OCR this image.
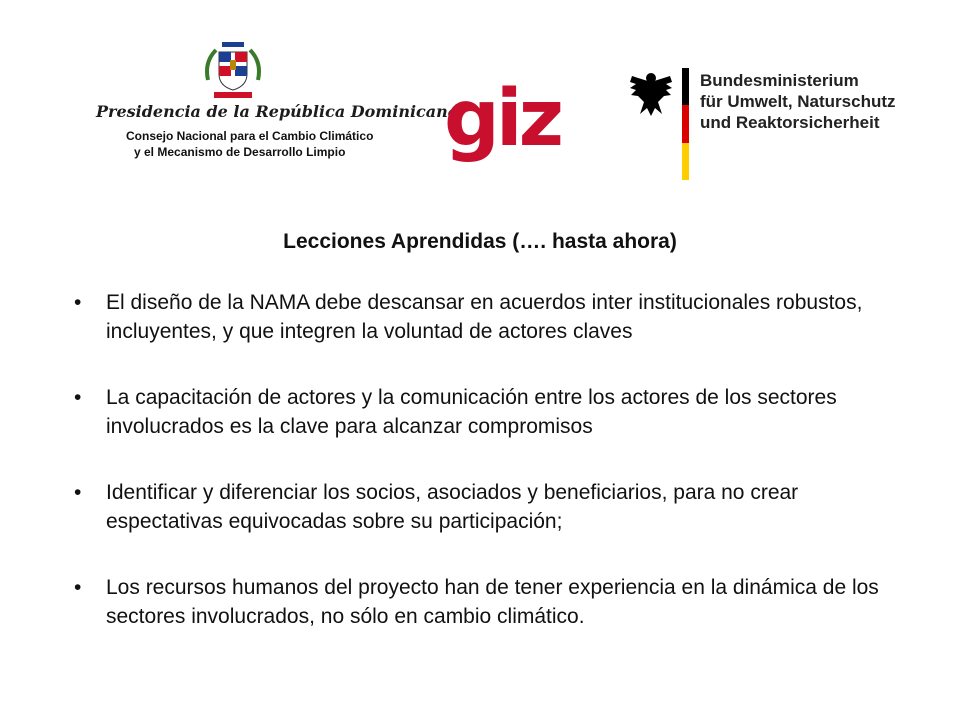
Presidencia de la República Dominicana
Consejo Nacional para el Cambio Climático
y el Mecanismo de Desarrollo Limpio giz	Bundesministerium
für Umwelt, Naturschutz
und Reaktorsicherheit
Lecciones Aprendidas (…. hasta ahora)
• El diseño de la NAMA debe descansar en acuerdos inter institucionales robustos, incluyentes, y que integren la voluntad de actores claves
• La capacitación de actores y la comunicación entre los actores de los sectores involucrados es la clave para alcanzar compromisos
• Identificar y diferenciar los socios, asociados y beneficiarios, para no crear espectativas equivocadas sobre su participación;
• Los recursos humanos del proyecto han de tener experiencia en la dinámica de los sectores involucrados, no sólo en cambio climático.
